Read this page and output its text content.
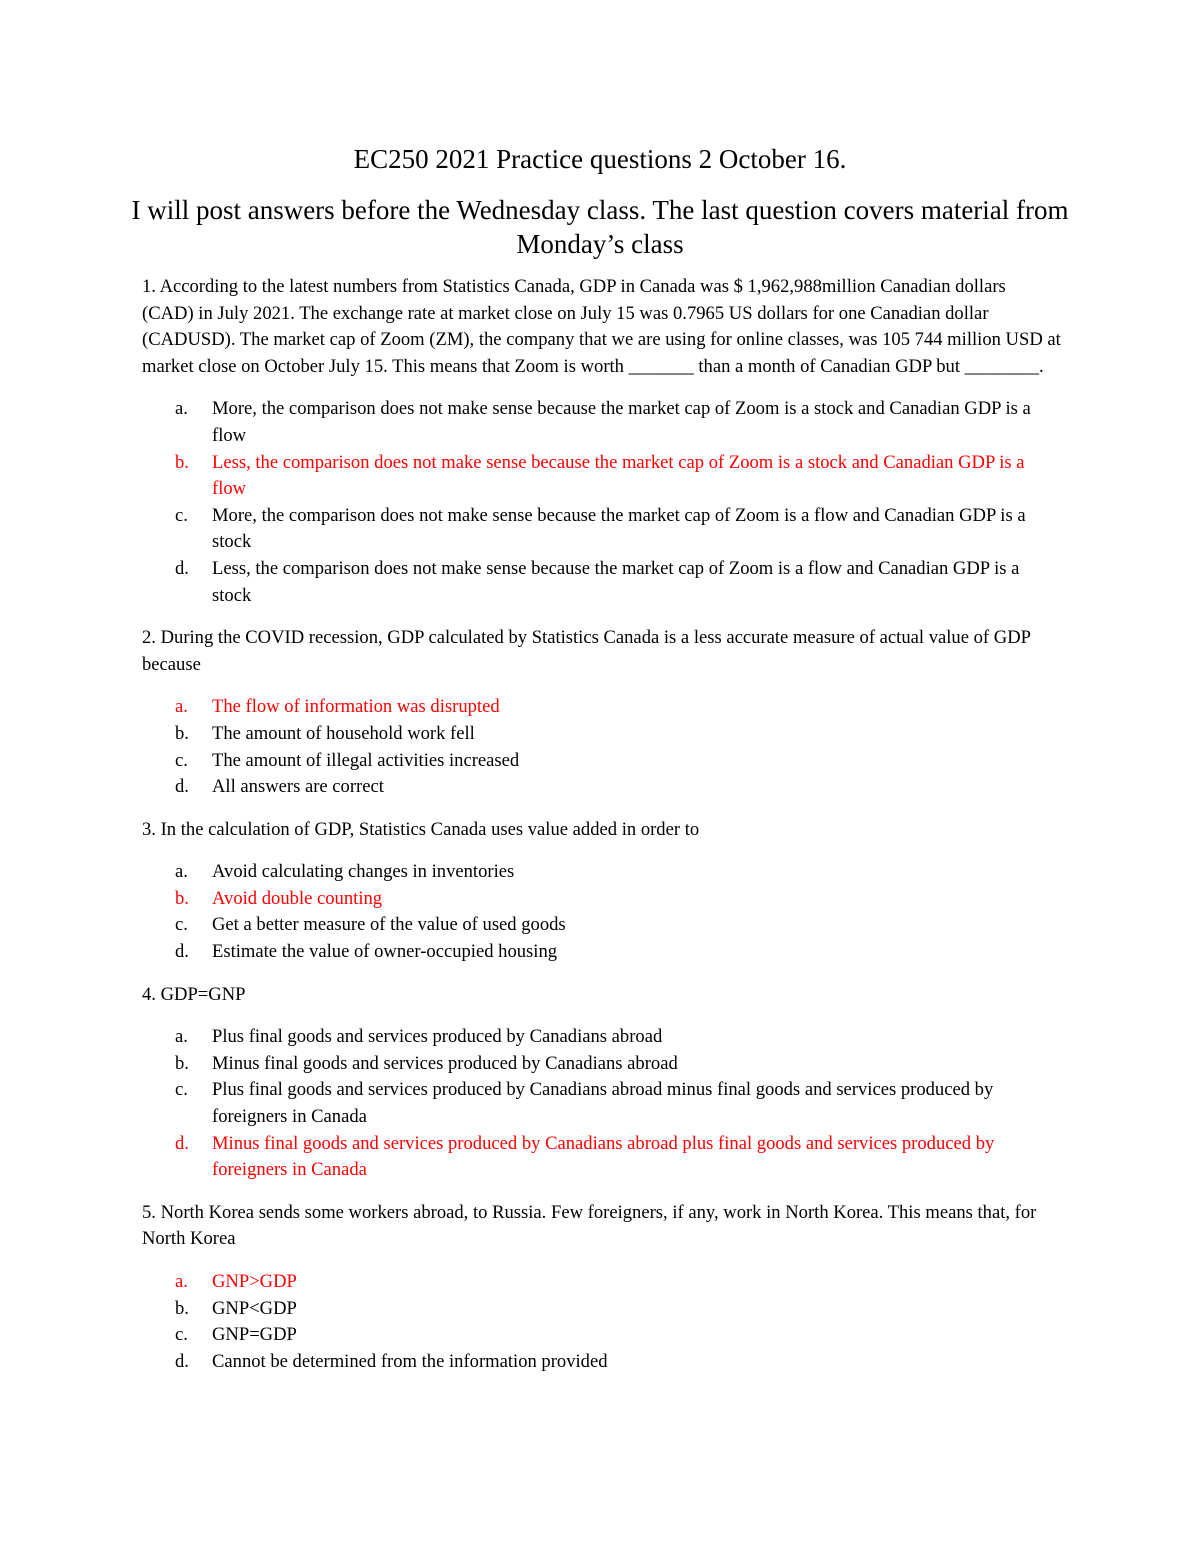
EC250 2021 Practice questions 2 October 16.
I will post answers before the Wednesday class. The last question covers material from Monday’s class

1. According to the latest numbers from Statistics Canada, GDP in Canada was $ 1,962,988million Canadian dollars (CAD) in July 2021. The exchange rate at market close on July 15 was 0.7965 US dollars for one Canadian dollar (CADUSD). The market cap of Zoom (ZM), the company that we are using for online classes, was 105 744 million USD at market close on October July 15. This means that Zoom is worth _______ than a month of Canadian GDP but ________.

a. More, the comparison does not make sense because the market cap of Zoom is a stock and Canadian GDP is a flow
b. Less, the comparison does not make sense because the market cap of Zoom is a stock and Canadian GDP is a flow
c. More, the comparison does not make sense because the market cap of Zoom is a flow and Canadian GDP is a stock
d. Less, the comparison does not make sense because the market cap of Zoom is a flow and Canadian GDP is a stock

2. During the COVID recession, GDP calculated by Statistics Canada is a less accurate measure of actual value of GDP because

a. The flow of information was disrupted
b. The amount of household work fell
c. The amount of illegal activities increased
d. All answers are correct

3. In the calculation of GDP, Statistics Canada uses value added in order to

a. Avoid calculating changes in inventories
b. Avoid double counting
c. Get a better measure of the value of used goods
d. Estimate the value of owner-occupied housing

4. GDP=GNP

a. Plus final goods and services produced by Canadians abroad
b. Minus final goods and services produced by Canadians abroad
c. Plus final goods and services produced by Canadians abroad minus final goods and services produced by foreigners in Canada
d. Minus final goods and services produced by Canadians abroad plus final goods and services produced by foreigners in Canada

5. North Korea sends some workers abroad, to Russia. Few foreigners, if any, work in North Korea. This means that, for North Korea

a. GNP>GDP
b. GNP<GDP
c. GNP=GDP
d. Cannot be determined from the information provided
